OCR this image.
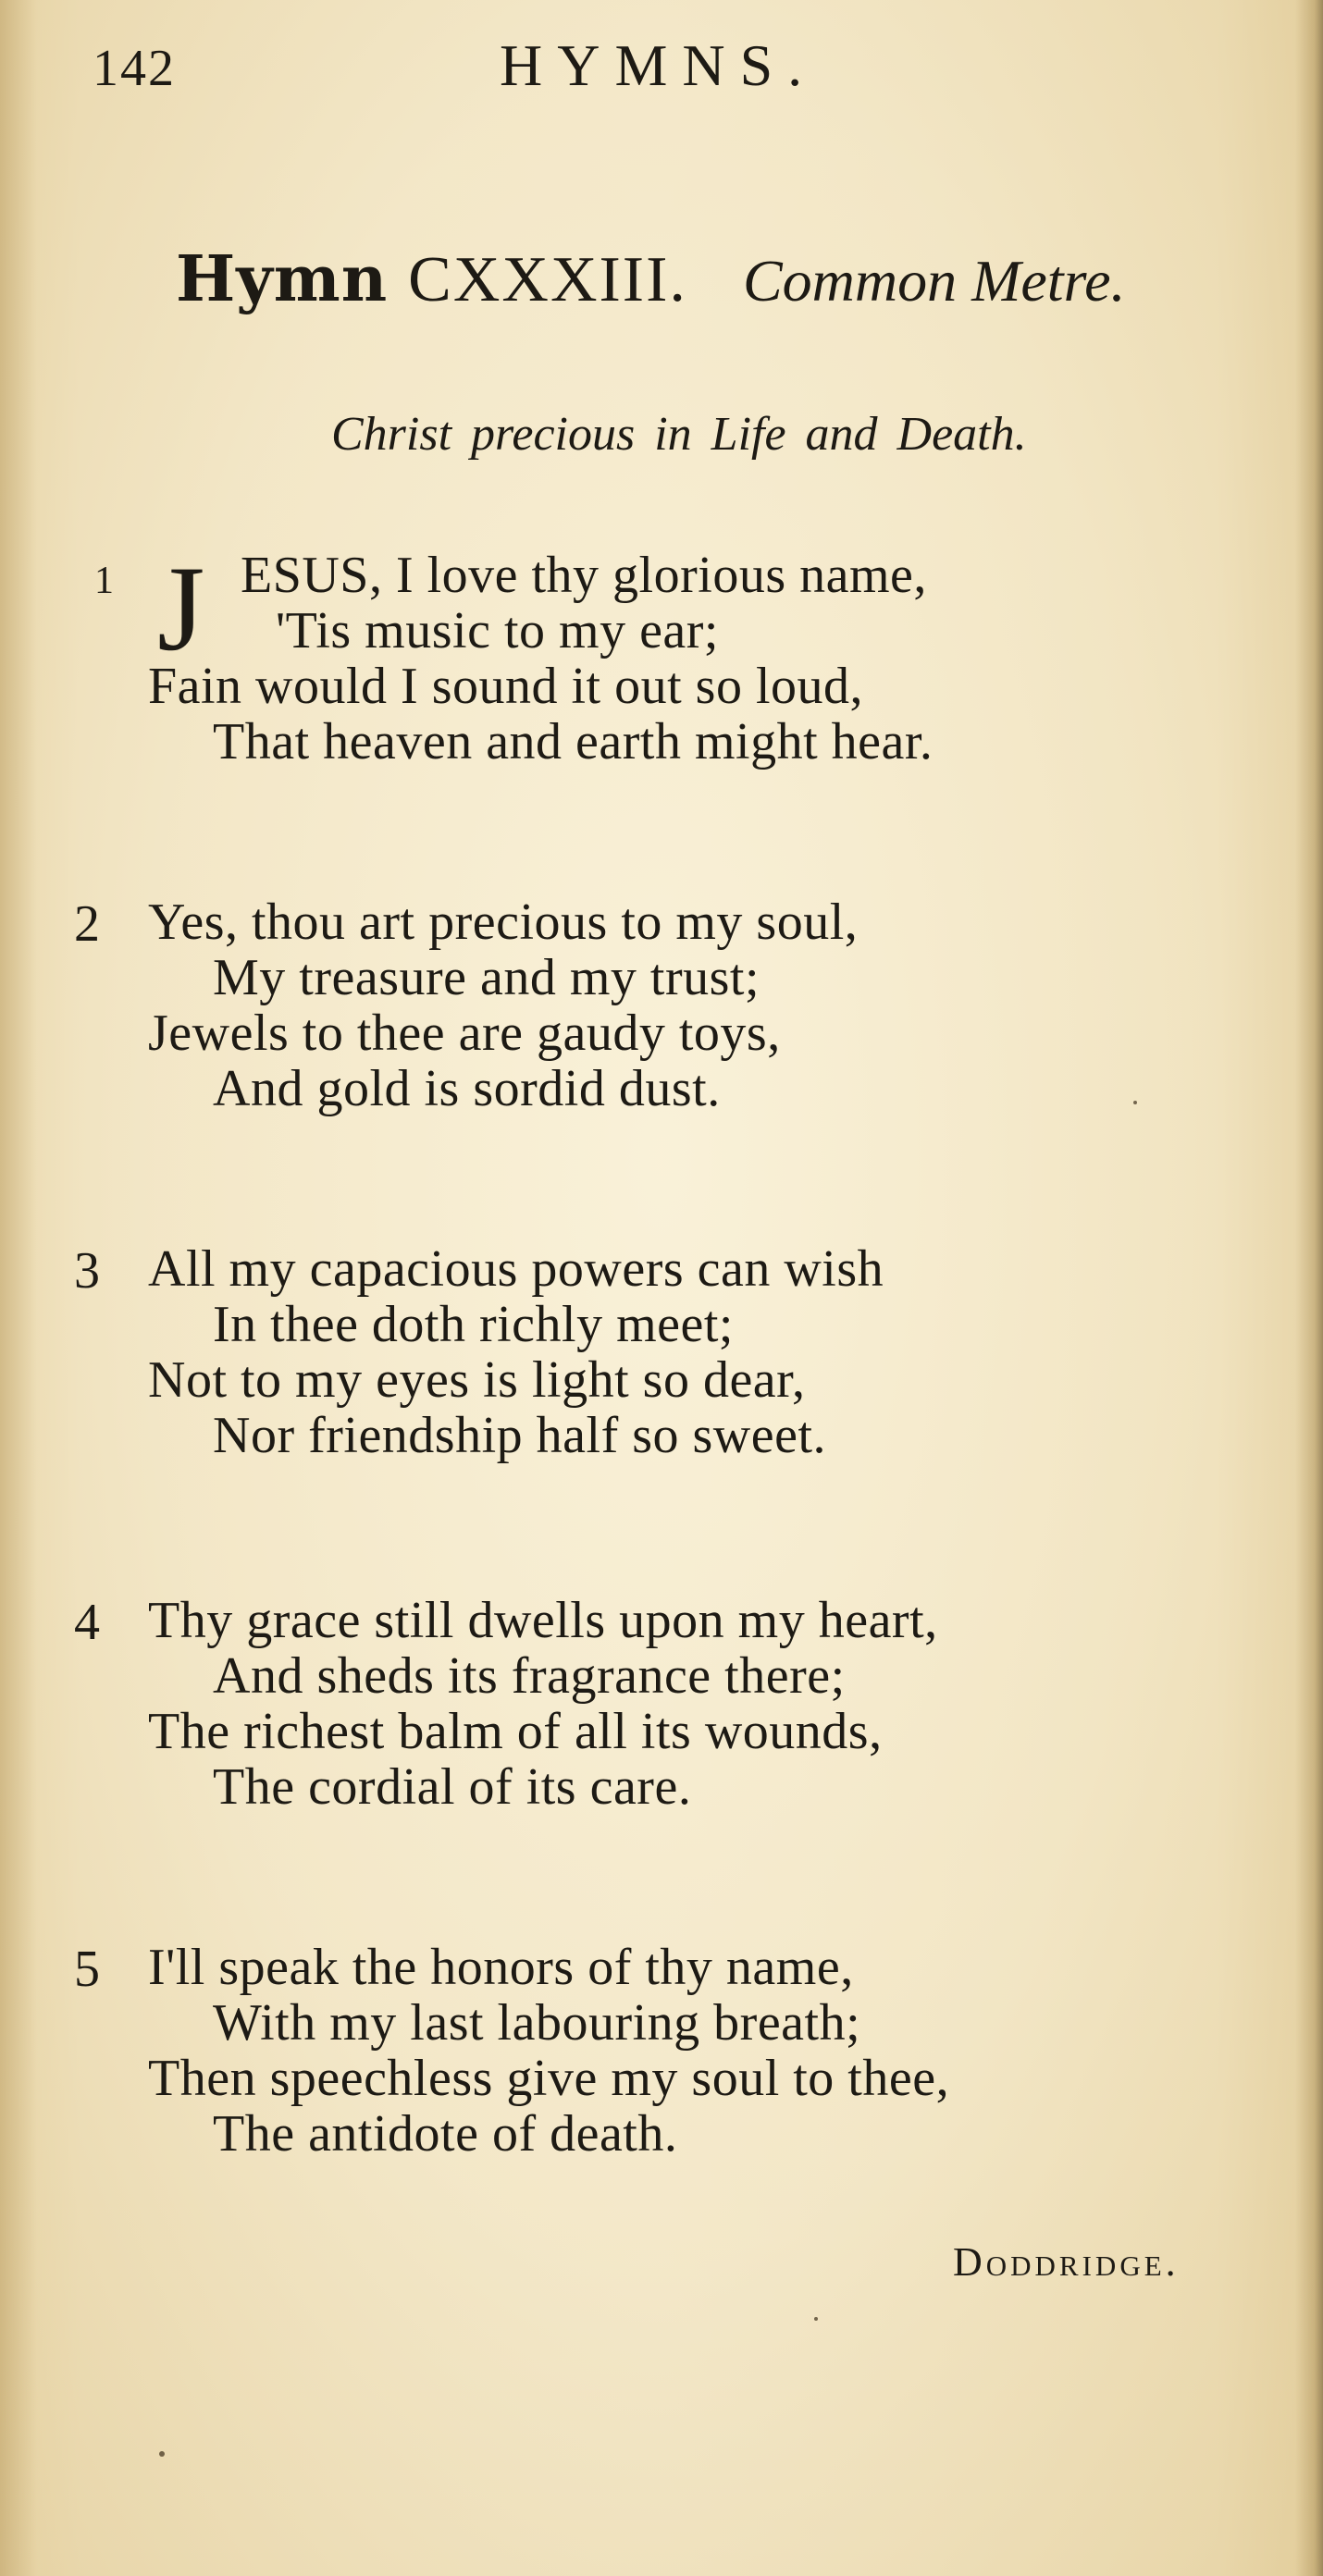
142	HYMNS.
Hymn CXXXIII. Common Metre.
Christ precious in Life and Death.
1 J ESUS, I love thy glorious name,
'Tis music to my ear;
Fain would I sound it out so loud,
That heaven and earth might hear.
2 Yes, thou art precious to my soul,
My treasure and my trust;
Jewels to thee are gaudy toys,
And gold is sordid dust.
3 All my capacious powers can wish
In thee doth richly meet;
Not to my eyes is light so dear,
Nor friendship half so sweet.
4 Thy grace still dwells upon my heart,
And sheds its fragrance there;
The richest balm of all its wounds,
The cordial of its care.
5 I'll speak the honors of thy name,
With my last labouring breath;
Then speechless give my soul to thee,
The antidote of death.
Doddridge.
